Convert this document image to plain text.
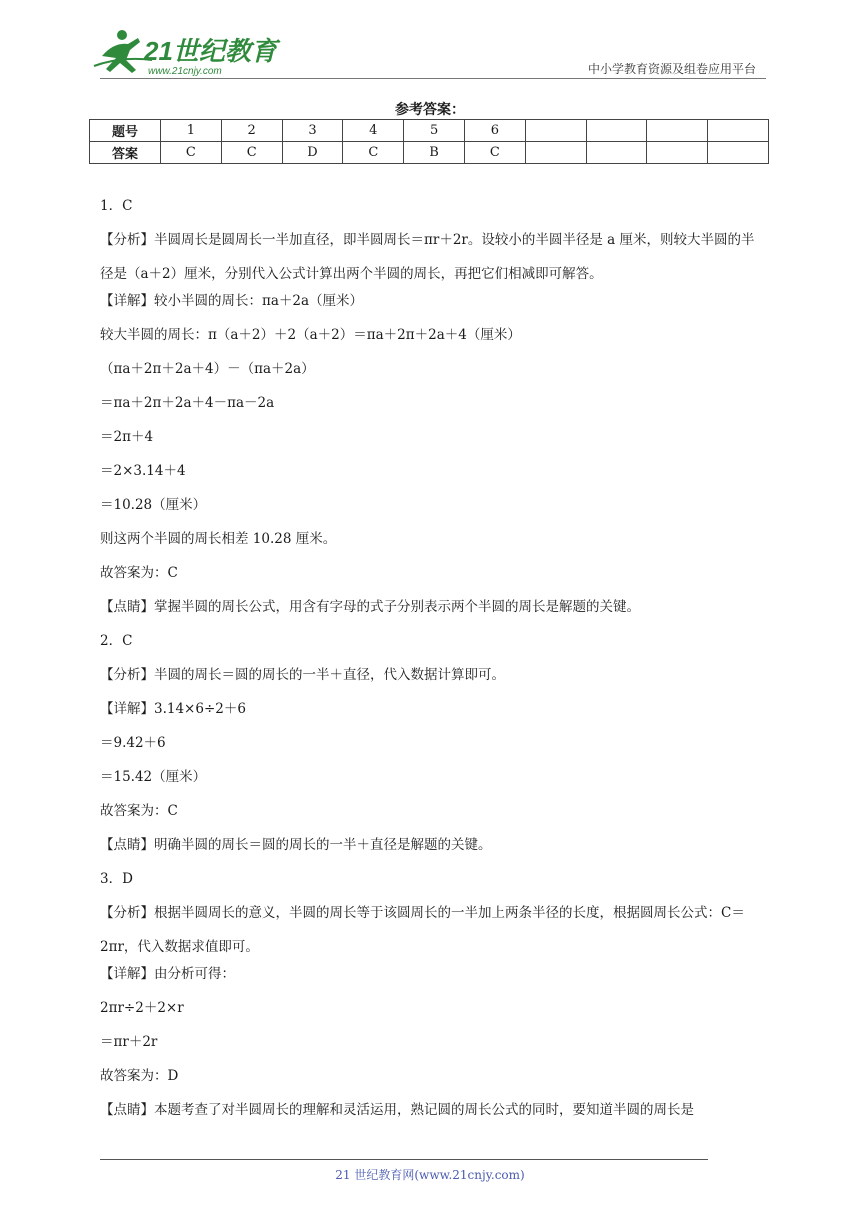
21世纪教育
www.21cnjy.com	中小学教育资源及组卷应用平台
参考答案：
题号	1	2	3	4	5	6				
答案	C	C	D	C	B	C				
1．C
【分析】半圆周长是圆周长一半加直径，即半圆周长＝πr＋2r。设较小的半圆半径是 a 厘米，则较大半圆的半径是（a＋2）厘米，分别代入公式计算出两个半圆的周长，再把它们相减即可解答。
【详解】较小半圆的周长：πa＋2a（厘米）
较大半圆的周长：π（a＋2）＋2（a＋2）＝πa＋2π＋2a＋4（厘米）
（πa＋2π＋2a＋4）－（πa＋2a）
＝πa＋2π＋2a＋4－πa－2a
＝2π＋4
＝2×3.14＋4
＝10.28（厘米）
则这两个半圆的周长相差 10.28 厘米。
故答案为：C
【点睛】掌握半圆的周长公式，用含有字母的式子分别表示两个半圆的周长是解题的关键。
2．C
【分析】半圆的周长＝圆的周长的一半＋直径，代入数据计算即可。
【详解】3.14×6÷2＋6
＝9.42＋6
＝15.42（厘米）
故答案为：C
【点睛】明确半圆的周长＝圆的周长的一半＋直径是解题的关键。
3．D
【分析】根据半圆周长的意义，半圆的周长等于该圆周长的一半加上两条半径的长度，根据圆周长公式：C＝2πr，代入数据求值即可。
【详解】由分析可得：
2πr÷2＋2×r
＝πr＋2r
故答案为：D
【点睛】本题考查了对半圆周长的理解和灵活运用，熟记圆的周长公式的同时，要知道半圆的周长是
21 世纪教育网(www.21cnjy.com)
